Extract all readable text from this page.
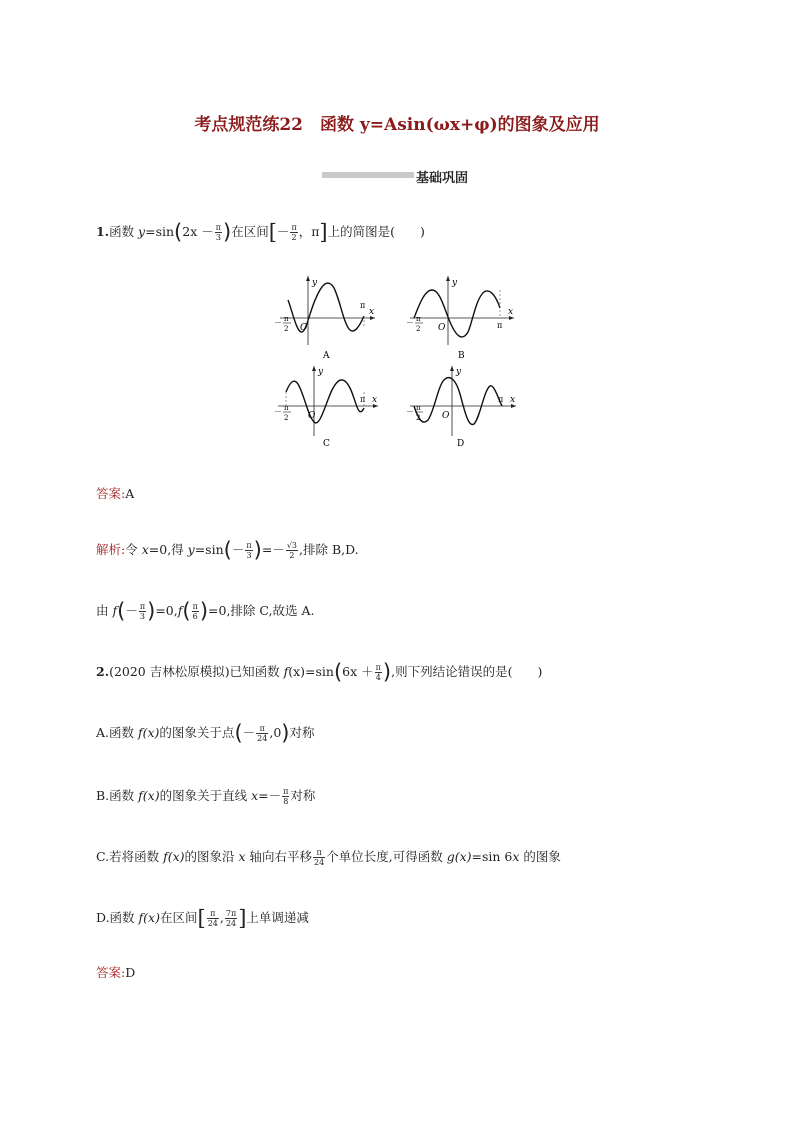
考点规范练22　函数 y=Asin(ωx+φ)的图象及应用
基础巩固
1.函数 $y=\sin(2x - \frac{\pi}{3}$ )在区间[－ $\frac{\pi}{2}$ ，π]上的简图是(　　)
y
x
O
π
－ π
2
A
y
x
O	π
－ π
2
B
y
x
O
π
－ π
2
C
y
x
O
π
－ π
2
D
答案:A
解析:令 x=0,得 $y=\sin(- \frac{\pi}{3}$ )=－ $\frac{√3}{2}$ ,排除 B,D.
由 $f(- \frac{\pi}{3} )=0,f( \frac{\pi}{6} )=0$,排除 C,故选 A.
2.(2020 吉林松原模拟)已知函数 $f(x)=\sin(6x + \frac{\pi}{4}$ ),则下列结论错误的是(　　)
A.函数 f(x)的图象关于点(－ $\frac{\pi}{24} ,0$)对称
B.函数 f(x)的图象关于直线 $x=- \frac{\pi}{8}$ 对称
C.若将函数 f(x)的图象沿 x 轴向右平移 $\frac{\pi}{24}$ 个单位长度,可得函数 g(x)=sin 6x 的图象
D.函数 f(x)在区间[ $\frac{\pi}{24}$ , $\frac{7\pi}{24}$ ]上单调递减
答案:D
